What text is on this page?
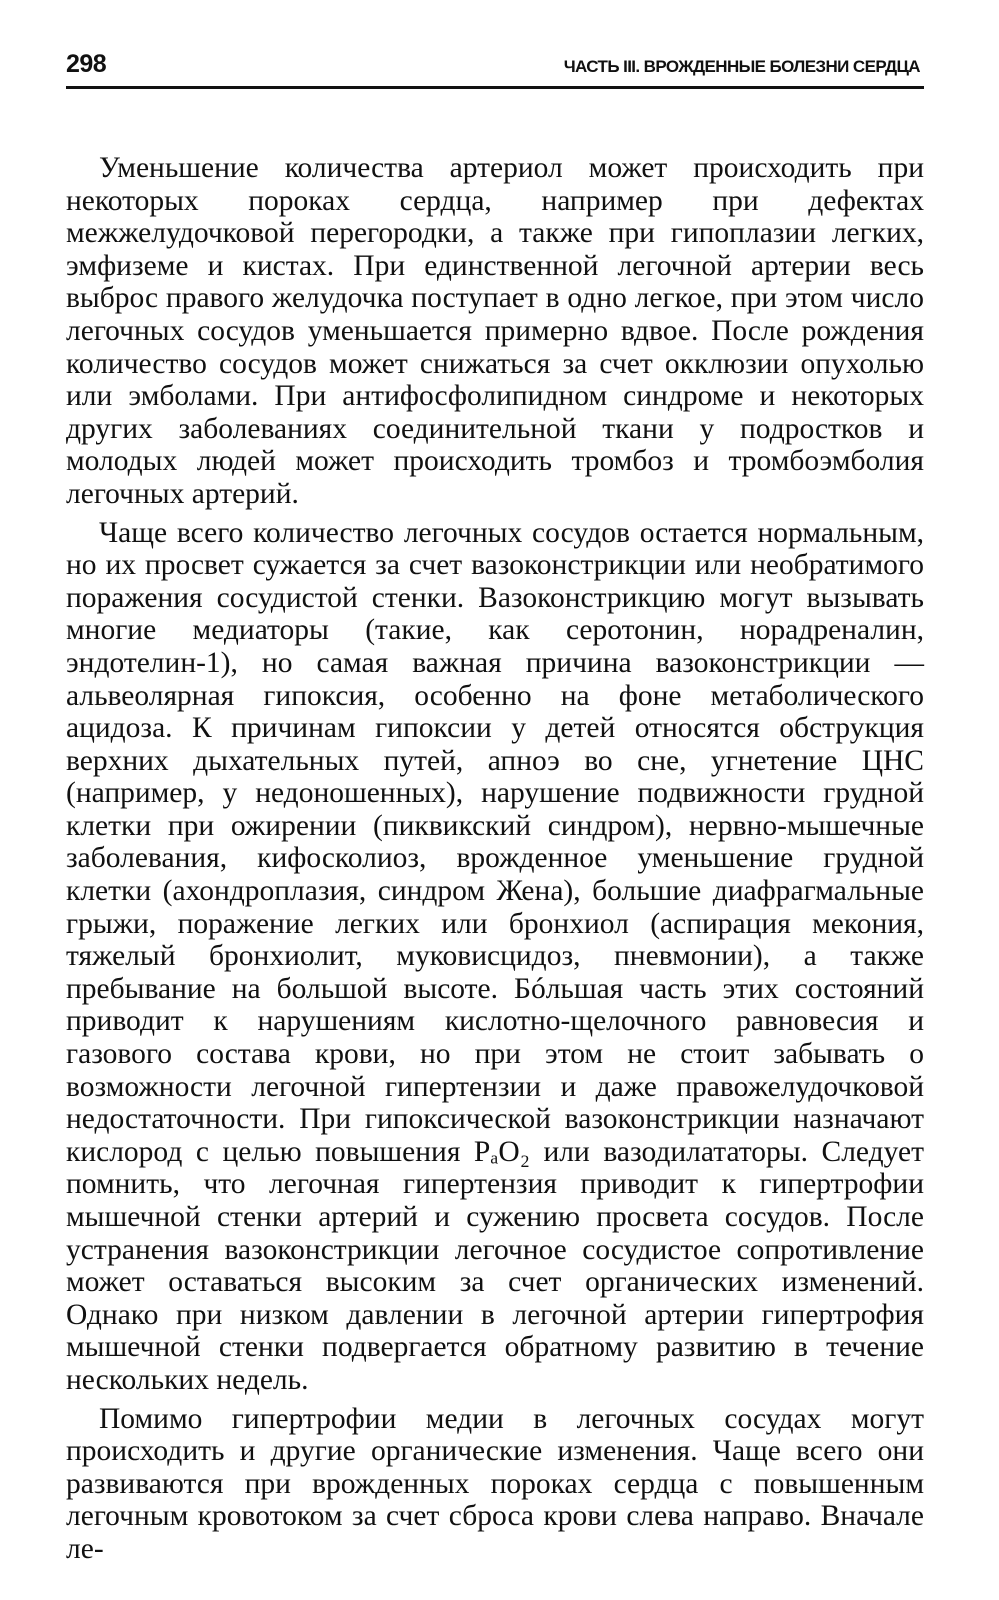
298	ЧАСТЬ III. ВРОЖДЕННЫЕ БОЛЕЗНИ СЕРДЦА

Уменьшение количества артериол может происходить при некоторых пороках сердца, например при дефектах межжелудочковой перегородки, а также при гипоплазии легких, эмфиземе и кистах. При единственной легочной артерии весь выброс правого желудочка поступает в одно легкое, при этом число легочных сосудов уменьшается примерно вдвое. После рождения количество сосудов может снижаться за счет окклюзии опухолью или эмболами. При антифосфолипидном синдроме и некоторых других заболеваниях соединительной ткани у подростков и молодых людей может происходить тромбоз и тромбоэмболия легочных артерий.

Чаще всего количество легочных сосудов остается нормальным, но их просвет сужается за счет вазоконстрикции или необратимого поражения сосудистой стенки. Вазоконстрикцию могут вызывать многие медиаторы (такие, как серотонин, норадреналин, эндотелин-1), но самая важная причина вазоконстрикции — альвеолярная гипоксия, особенно на фоне метаболического ацидоза. К причинам гипоксии у детей относятся обструкция верхних дыхательных путей, апноэ во сне, угнетение ЦНС (например, у недоношенных), нарушение подвижности грудной клетки при ожирении (пиквикский синдром), нервно-мышечные заболевания, кифосколиоз, врожденное уменьшение грудной клетки (ахондроплазия, синдром Жена), большие диафрагмальные грыжи, поражение легких или бронхиол (аспирация мекония, тяжелый бронхиолит, муковисцидоз, пневмонии), а также пребывание на большой высоте. Бóльшая часть этих состояний приводит к нарушениям кислотно-щелочного равновесия и газового состава крови, но при этом не стоит забывать о возможности легочной гипертензии и даже правожелудочковой недостаточности. При гипоксической вазоконстрикции назначают кислород с целью повышения PₐO₂ или вазодилататоры. Следует помнить, что легочная гипертензия приводит к гипертрофии мышечной стенки артерий и сужению просвета сосудов. После устранения вазоконстрикции легочное сосудистое сопротивление может оставаться высоким за счет органических изменений. Однако при низком давлении в легочной артерии гипертрофия мышечной стенки подвергается обратному развитию в течение нескольких недель.

Помимо гипертрофии медии в легочных сосудах могут происходить и другие органические изменения. Чаще всего они развиваются при врожденных пороках сердца с повышенным легочным кровотоком за счет сброса крови слева направо. Вначале ле-
